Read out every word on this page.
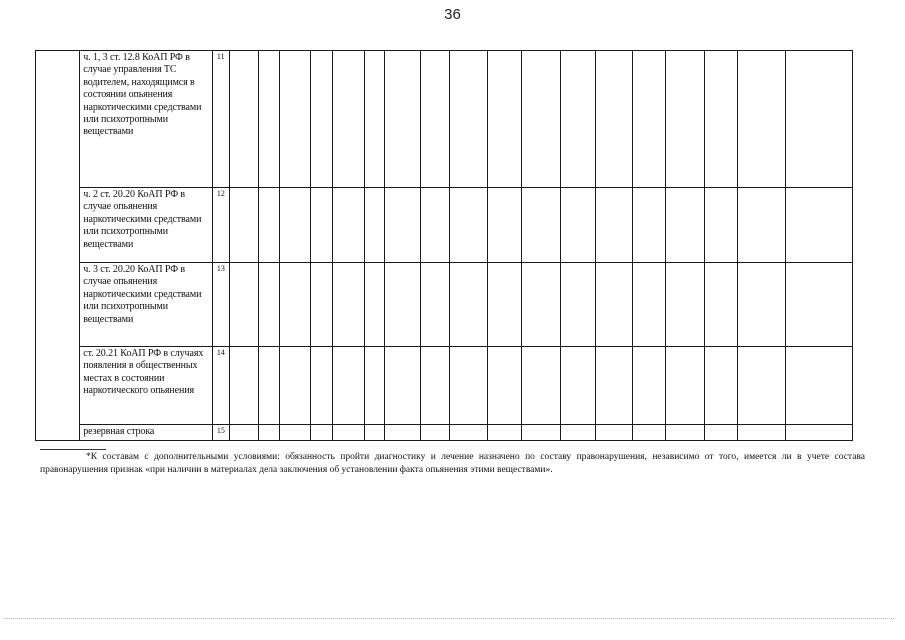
36
	ч. 1, 3 ст. 12.8 КоАП РФ в случае управления ТС водителем, находящимся в состоянии опьянения наркотическими средствами или психотропными веществами	11																		
	ч. 2 ст. 20.20 КоАП РФ в случае опьянения наркотическими средствами или психотропными веществами	12																		
	ч. 3 ст. 20.20 КоАП РФ в случае опьянения наркотическими средствами или психотропными веществами	13																		
	ст. 20.21 КоАП РФ в случаях появления в общественных местах в состоянии наркотического опьянения	14																		
	резервная строка	15																		
*К составам с дополнительными условиями: обязанность пройти диагностику и лечение назначено по составу правонарушения, независимо от того, имеется ли в учете состава правонарушения признак «при наличии в материалах дела заключения об установлении факта опьянения этими веществами».
